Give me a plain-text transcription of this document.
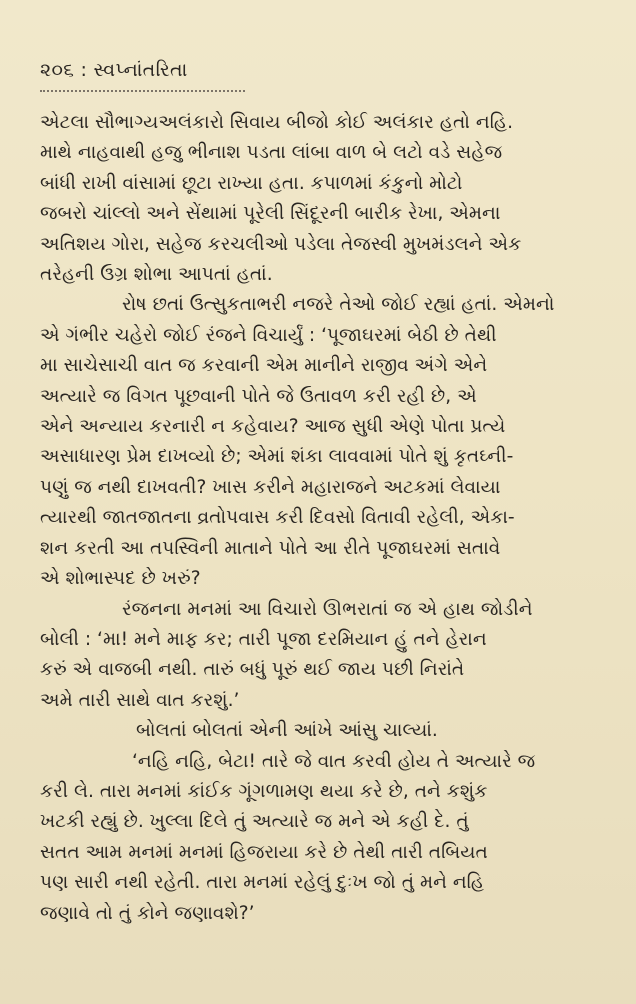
૨૦૬ : સ્વપ્નાંતરિતા
એટલા સૌભાગ્યઅલંકારો સિવાય બીજો કોઈ અલંકાર હતો નહિ.
માથે નાહવાથી હજુ ભીનાશ પડતા લાંબા વાળ બે લટો વડે સહેજ
બાંધી રાખી વાંસામાં છૂટા રાખ્યા હતા. કપાળમાં કંકુનો મોટો
જબરો ચાંલ્લો અને સેંથામાં પૂરેલી સિંદૂરની બારીક રેખા, એમના
અતિશય ગોરા, સહેજ કરચલીઓ પડેલા તેજસ્વી મુખમંડલને એક
તરેહની ઉગ્ર શોભા આપતાં હતાં.
રોષ છતાં ઉત્સુકતાભરી નજરે તેઓ જોઈ રહ્યાં હતાં. એમનો
એ ગંભીર ચહેરો જોઈ રંજને વિચાર્યું : ‘પૂજાઘરમાં બેઠી છે તેથી
મા સાચેસાચી વાત જ કરવાની એમ માનીને રાજીવ અંગે એને
અત્યારે જ વિગત પૂછવાની પોતે જે ઉતાવળ કરી રહી છે, એ
એને અન્યાય કરનારી ન કહેવાય? આજ સુધી એણે પોતા પ્રત્યે
અસાધારણ પ્રેમ દાખવ્યો છે; એમાં શંકા લાવવામાં પોતે શું કૃતઘ્ની-
પણું જ નથી દાખવતી? ખાસ કરીને મહારાજને અટકમાં લેવાયા
ત્યારથી જાતજાતના વ્રતોપવાસ કરી દિવસો વિતાવી રહેલી, એકા-
શન કરતી આ તપસ્વિની માતાને પોતે આ રીતે પૂજાઘરમાં સતાવે
એ શોભાસ્પદ છે ખરું?
રંજનના મનમાં આ વિચારો ઊભરાતાં જ એ હાથ જોડીને
બોલી : ‘મા! મને માફ કર; તારી પૂજા દરમિયાન હું તને હેરાન
કરું એ વાજબી નથી. તારું બધું પૂરું થઈ જાય પછી નિરાંતે
અમે તારી સાથે વાત કરશું.’
બોલતાં બોલતાં એની આંખે આંસુ ચાલ્યાં.
‘નહિ નહિ, બેટા! તારે જે વાત કરવી હોય તે અત્યારે જ
કરી લે. તારા મનમાં કાંઈક ગૂંગળામણ થયા કરે છે, તને કશુંક
ખટકી રહ્યું છે. ખુલ્લા દિલે તું અત્યારે જ મને એ કહી દે. તું
સતત આમ મનમાં મનમાં હિજરાયા કરે છે તેથી તારી તબિયત
પણ સારી નથી રહેતી. તારા મનમાં રહેલું દુઃખ જો તું મને નહિ
જણાવે તો તું કોને જણાવશે?’
